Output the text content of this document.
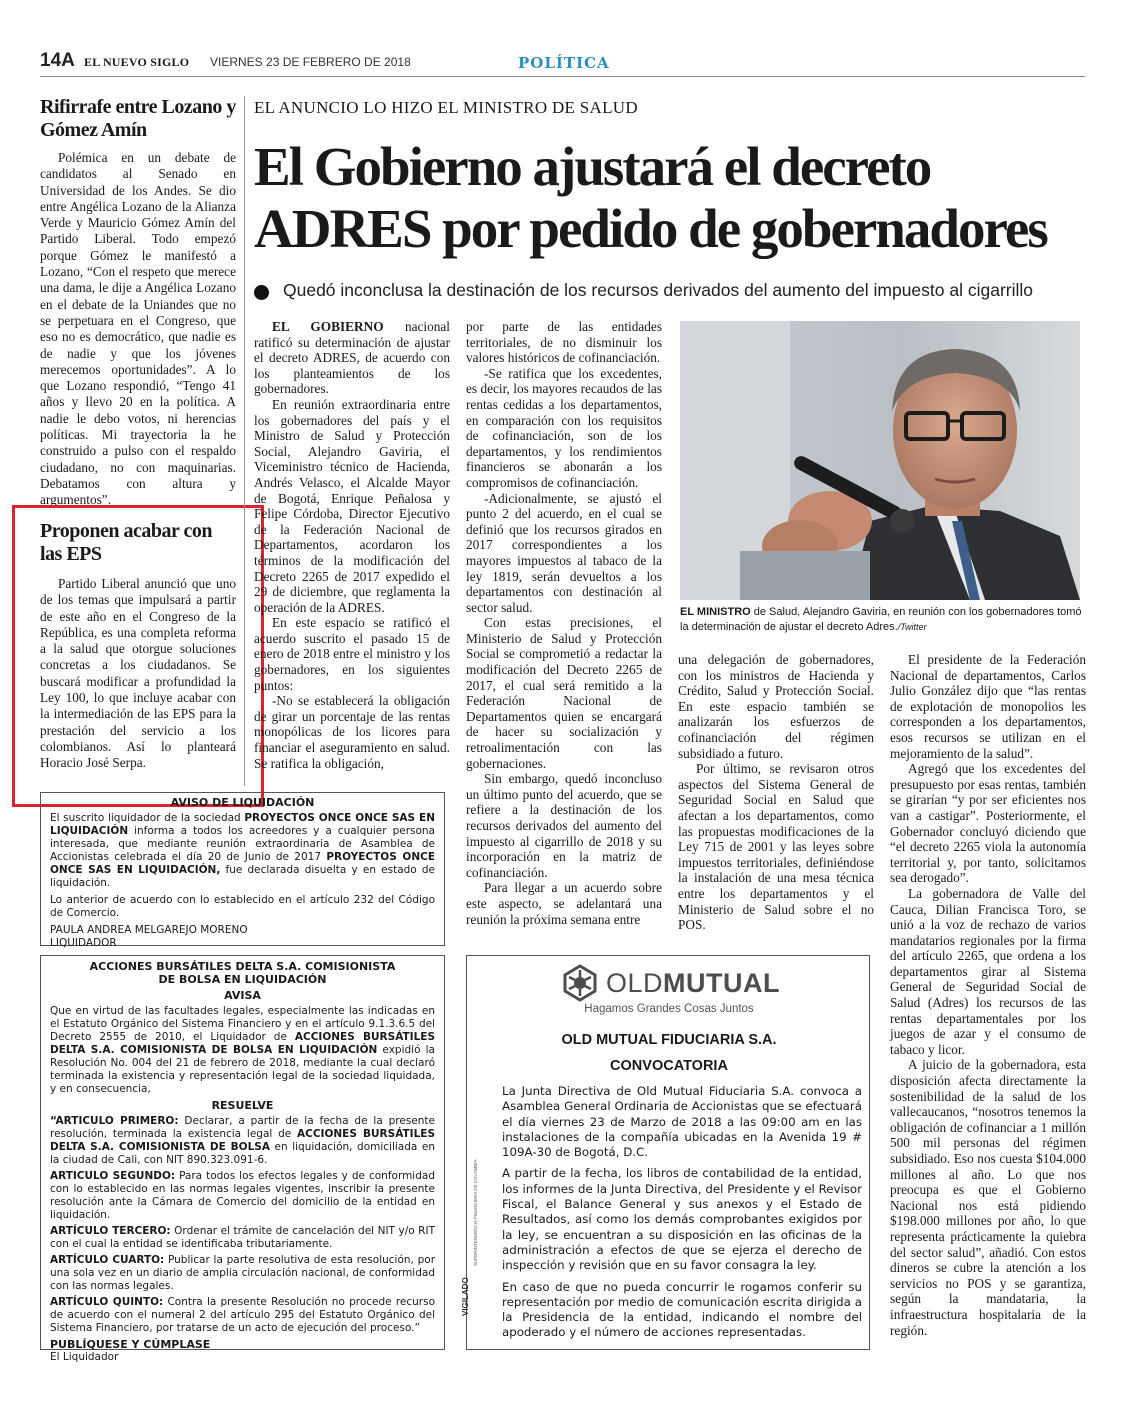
14A EL NUEVO SIGLO VIERNES 23 DE FEBRERO DE 2018	POLÍTICA
Rifirrafe entre Lozano y Gómez Amín
Polémica en un debate de candidatos al Senado en Universidad de los Andes. Se dio entre Angélica Lozano de la Alianza Verde y Mauricio Gómez Amín del Partido Liberal. Todo empezó porque Gómez le manifestó a Lozano, “Con el respeto que merece una dama, le dije a Angélica Lozano en el debate de la Uniandes que no se perpetuara en el Congreso, que eso no es democrático, que nadie es de nadie y que los jóvenes merecemos oportunidades”. A lo que Lozano respondió, “Tengo 41 años y llevo 20 en la política. A nadie le debo votos, ni herencias políticas. Mi trayectoria la he construido a pulso con el respaldo ciudadano, no con maquinarias. Debatamos con altura y argumentos”.
Proponen acabar con las EPS
Partido Liberal anunció que uno de los temas que impulsará a partir de este año en el Congreso de la República, es una completa reforma a la salud que otorgue soluciones concretas a los ciudadanos. Se buscará modificar a profundidad la Ley 100, lo que incluye acabar con la intermediación de las EPS para la prestación del servicio a los colombianos. Así lo planteará Horacio José Serpa.
EL ANUNCIO LO HIZO EL MINISTRO DE SALUD
El Gobierno ajustará el decreto
ADRES por pedido de gobernadores
Quedó inconclusa la destinación de los recursos derivados del aumento del impuesto al cigarrillo

EL GOBIERNO nacional ratificó su determinación de ajustar el decreto ADRES, de acuerdo con los planteamientos de los gobernadores.

En reunión extraordinaria entre los gobernadores del país y el Ministro de Salud y Protección Social, Alejandro Gaviria, el Viceministro técnico de Hacienda, Andrés Velasco, el Alcalde Mayor de Bogotá, Enrique Peñalosa y Felipe Córdoba, Director Ejecutivo de la Federación Nacional de Departamentos, acordaron los términos de la modificación del Decreto 2265 de 2017 expedido el 29 de diciembre, que reglamenta la operación de la ADRES.

En este espacio se ratificó el acuerdo suscrito el pasado 15 de enero de 2018 entre el ministro y los gobernadores, en los siguientes puntos:

-No se establecerá la obligación de girar un porcentaje de las rentas monopólicas de los licores para financiar el aseguramiento en salud. Se ratifica la obligación,

por parte de las entidades territoriales, de no disminuir los valores históricos de cofinanciación.

-Se ratifica que los excedentes, es decir, los mayores recaudos de las rentas cedidas a los departamentos, en comparación con los requisitos de cofinanciación, son de los departamentos, y los rendimientos financieros se abonarán a los compromisos de cofinanciación.

-Adicionalmente, se ajustó el punto 2 del acuerdo, en el cual se definió que los recursos girados en 2017 correspondientes a los mayores impuestos al tabaco de la ley 1819, serán devueltos a los departamentos con destinación al sector salud.

Con estas precisiones, el Ministerio de Salud y Protección Social se comprometió a redactar la modificación del Decreto 2265 de 2017, el cual será remitido a la Federación Nacional de Departamentos quien se encargará de hacer su socialización y retroalimentación con las gobernaciones.

Sin embargo, quedó inconcluso un último punto del acuerdo, que se refiere a la destinación de los recursos derivados del aumento del impuesto al cigarrillo de 2018 y su incorporación en la matriz de cofinanciación.

Para llegar a un acuerdo sobre este aspecto, se adelantará una reunión la próxima semana entre

EL MINISTRO de Salud, Alejandro Gaviria, en reunión con los gobernadores tomó la determinación de ajustar el decreto Adres./Twitter

una delegación de gobernadores, con los ministros de Hacienda y Crédito, Salud y Protección Social. En este espacio también se analizarán los esfuerzos de cofinanciación del régimen subsidiado a futuro.

Por último, se revisaron otros aspectos del Sistema General de Seguridad Social en Salud que afectan a los departamentos, como las propuestas modificaciones de la Ley 715 de 2001 y las leyes sobre impuestos territoriales, definiéndose la instalación de una mesa técnica entre los departamentos y el Ministerio de Salud sobre el no POS.

El presidente de la Federación Nacional de departamentos, Carlos Julio González dijo que “las rentas de explotación de monopolios les corresponden a los departamentos, esos recursos se utilizan en el mejoramiento de la salud”.

Agregó que los excedentes del presupuesto por esas rentas, también se girarían “y por ser eficientes nos van a castigar”. Posteriormente, el Gobernador concluyó diciendo que “el decreto 2265 viola la autonomía territorial y, por tanto, solicitamos sea derogado”.

La gobernadora de Valle del Cauca, Dilian Francisca Toro, se unió a la voz de rechazo de varios mandatarios regionales por la firma del artículo 2265, que ordena a los departamentos girar al Sistema General de Seguridad Social de Salud (Adres) los recursos de las rentas departamentales por los juegos de azar y el consumo de tabaco y licor.

A juicio de la gobernadora, esta disposición afecta directamente la sostenibilidad de la salud de los vallecaucanos, “nosotros tenemos la obligación de cofinanciar a 1 millón 500 mil personas del régimen subsidiado. Eso nos cuesta $104.000 millones al año. Lo que nos preocupa es que el Gobierno Nacional nos está pidiendo $198.000 millones por año, lo que representa prácticamente la quiebra del sector salud”, añadió. Con estos dineros se cubre la atención a los servicios no POS y se garantiza, según la mandataria, la infraestructura hospitalaria de la región.

AVISO DE LIQUIDACIÓN

El suscrito liquidador de la sociedad PROYECTOS ONCE ONCE SAS EN LIQUIDACIÓN informa a todos los acreedores y a cualquier persona interesada, que mediante reunión extraordinaria de Asamblea de Accionistas celebrada el día 20 de Junio de 2017 PROYECTOS ONCE ONCE SAS EN LIQUIDACIÓN, fue declarada disuelta y en estado de liquidación.

Lo anterior de acuerdo con lo establecido en el artículo 232 del Código de Comercio.

PAULA ANDREA MELGAREJO MORENO

LIQUIDADOR

ACCIONES BURSÁTILES DELTA S.A. COMISIONISTA

DE BOLSA EN LIQUIDACIÓN

AVISA

Que en virtud de las facultades legales, especialmente las indicadas en el Estatuto Orgánico del Sistema Financiero y en el artículo 9.1.3.6.5 del Decreto 2555 de 2010, el Liquidador de ACCIONES BURSÁTILES DELTA S.A. COMISIONISTA DE BOLSA EN LIQUIDACIÓN expidió la Resolución No. 004 del 21 de febrero de 2018, mediante la cual declaró terminada la existencia y representación legal de la sociedad liquidada, y en consecuencia,

RESUELVE

“ARTICULO PRIMERO: Declarar, a partir de la fecha de la presente resolución, terminada la existencia legal de ACCIONES BURSÁTILES DELTA S.A. COMISIONISTA DE BOLSA en liquidación, domiciliada en la ciudad de Cali, con NIT 890.323.091-6.

ARTICULO SEGUNDO: Para todos los efectos legales y de conformidad con lo establecido en las normas legales vigentes, inscribir la presente resolución ante la Cámara de Comercio del domicilio de la entidad en liquidación.

ARTÍCULO TERCERO: Ordenar el trámite de cancelación del NIT y/o RIT con el cual la entidad se identificaba tributariamente.

ARTÍCULO CUARTO: Publicar la parte resolutiva de esta resolución, por una sola vez en un diario de amplia circulación nacional, de conformidad con las normas legales.

ARTÍCULO QUINTO: Contra la presente Resolución no procede recurso de acuerdo con el numeral 2 del artículo 295 del Estatuto Orgánico del Sistema Financiero, por tratarse de un acto de ejecución del proceso.”

PUBLÍQUESE Y CÚMPLASE

El Liquidador

OLDMUTUAL
Hagamos Grandes Cosas Juntos
OLD MUTUAL FIDUCIARIA S.A.
CONVOCATORIA

La Junta Directiva de Old Mutual Fiduciaria S.A. convoca a Asamblea General Ordinaria de Accionistas que se efectuará el día viernes 23 de Marzo de 2018 a las 09:00 am en las instalaciones de la compañía ubicadas en la Avenida 19 # 109A-30 de Bogotá, D.C.

A partir de la fecha, los libros de contabilidad de la entidad, los informes de la Junta Directiva, del Presidente y el Revisor Fiscal, el Balance General y sus anexos y el Estado de Resultados, así como los demás comprobantes exigidos por la ley, se encuentran a su disposición en las oficinas de la administración a efectos de que se ejerza el derecho de inspección y revisión que en su favor consagra la ley.

En caso de que no pueda concurrir le rogamos conferir su representación por medio de comunicación escrita dirigida a la Presidencia de la entidad, indicando el nombre del apoderado y el número de acciones representadas.

VIGILADO
SUPERINTENDENCIA FINANCIERA DE COLOMBIA
